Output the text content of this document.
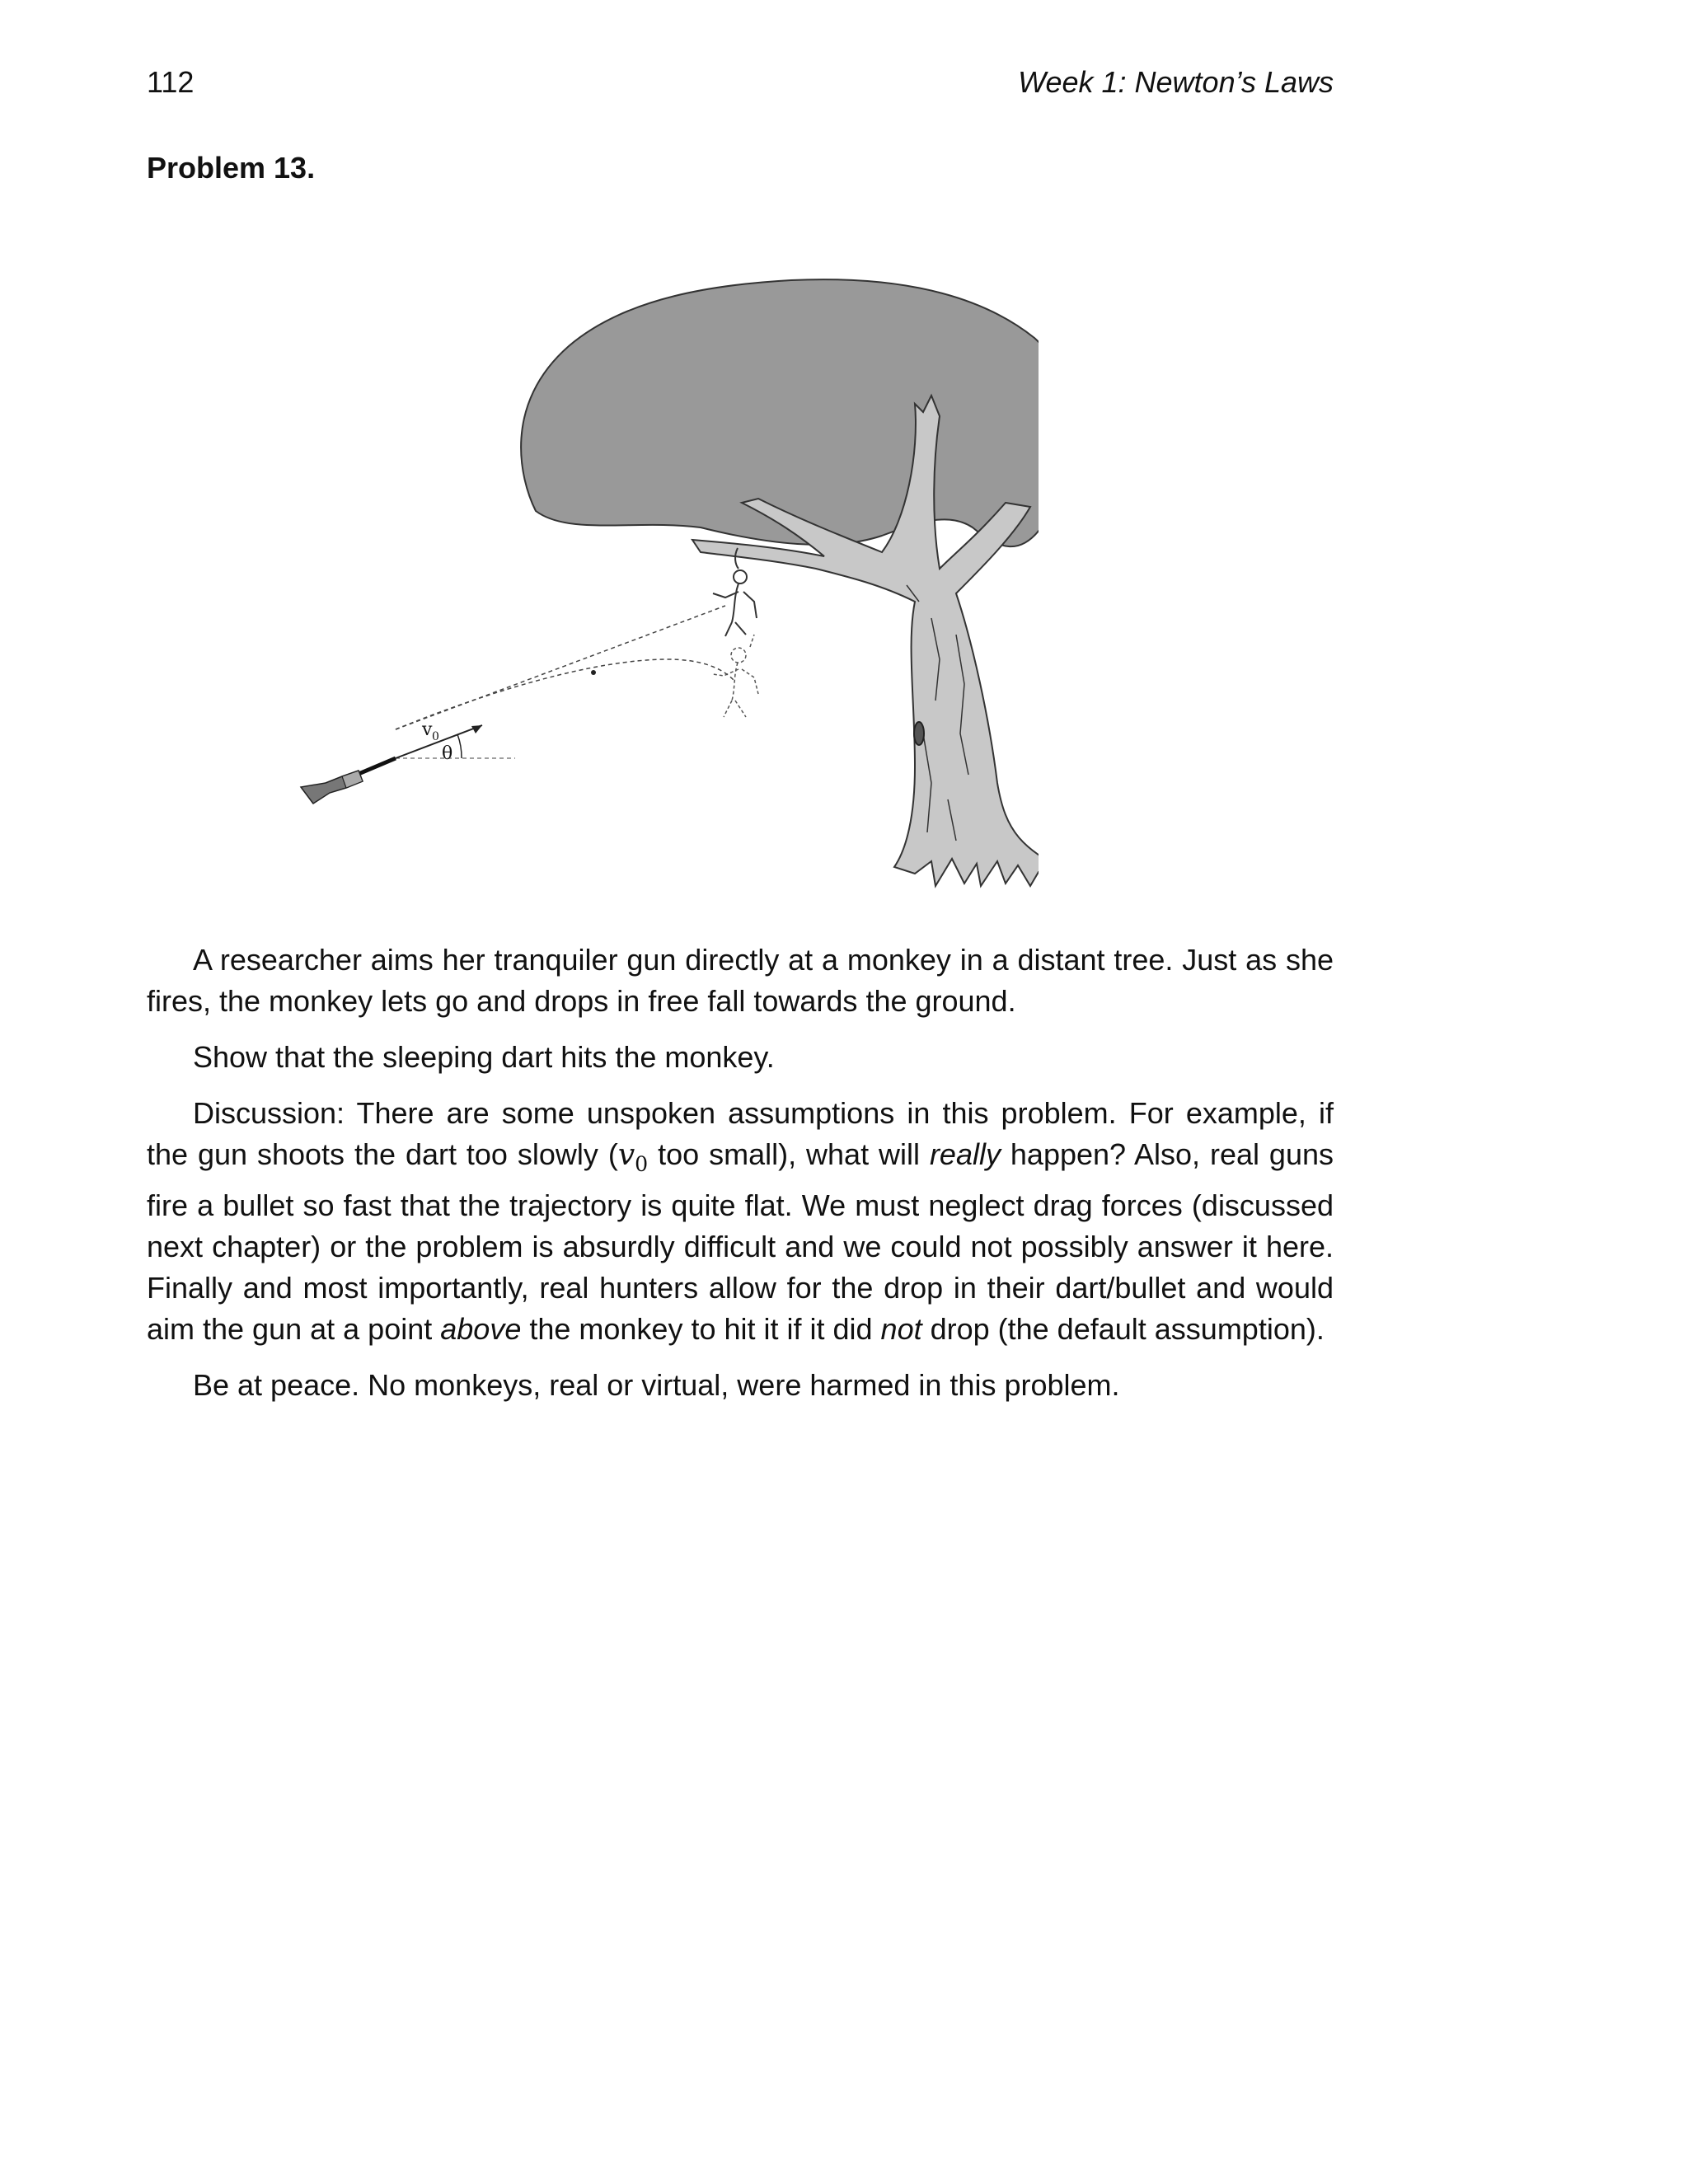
112	Week 1: Newton’s Laws
Problem 13.
v 0
θ

A researcher aims her tranquiler gun directly at a monkey in a distant tree. Just as she fires, the monkey lets go and drops in free fall towards the ground.

Show that the sleeping dart hits the monkey.

Discussion: There are some unspoken assumptions in this problem. For example, if the gun shoots the dart too slowly ($v_0$ too small), what will really happen? Also, real guns fire a bullet so fast that the trajectory is quite flat. We must neglect drag forces (discussed next chapter) or the problem is absurdly difficult and we could not possibly answer it here. Finally and most importantly, real hunters allow for the drop in their dart/bullet and would aim the gun at a point above the monkey to hit it if it did not drop (the default assumption).

Be at peace. No monkeys, real or virtual, were harmed in this problem.
